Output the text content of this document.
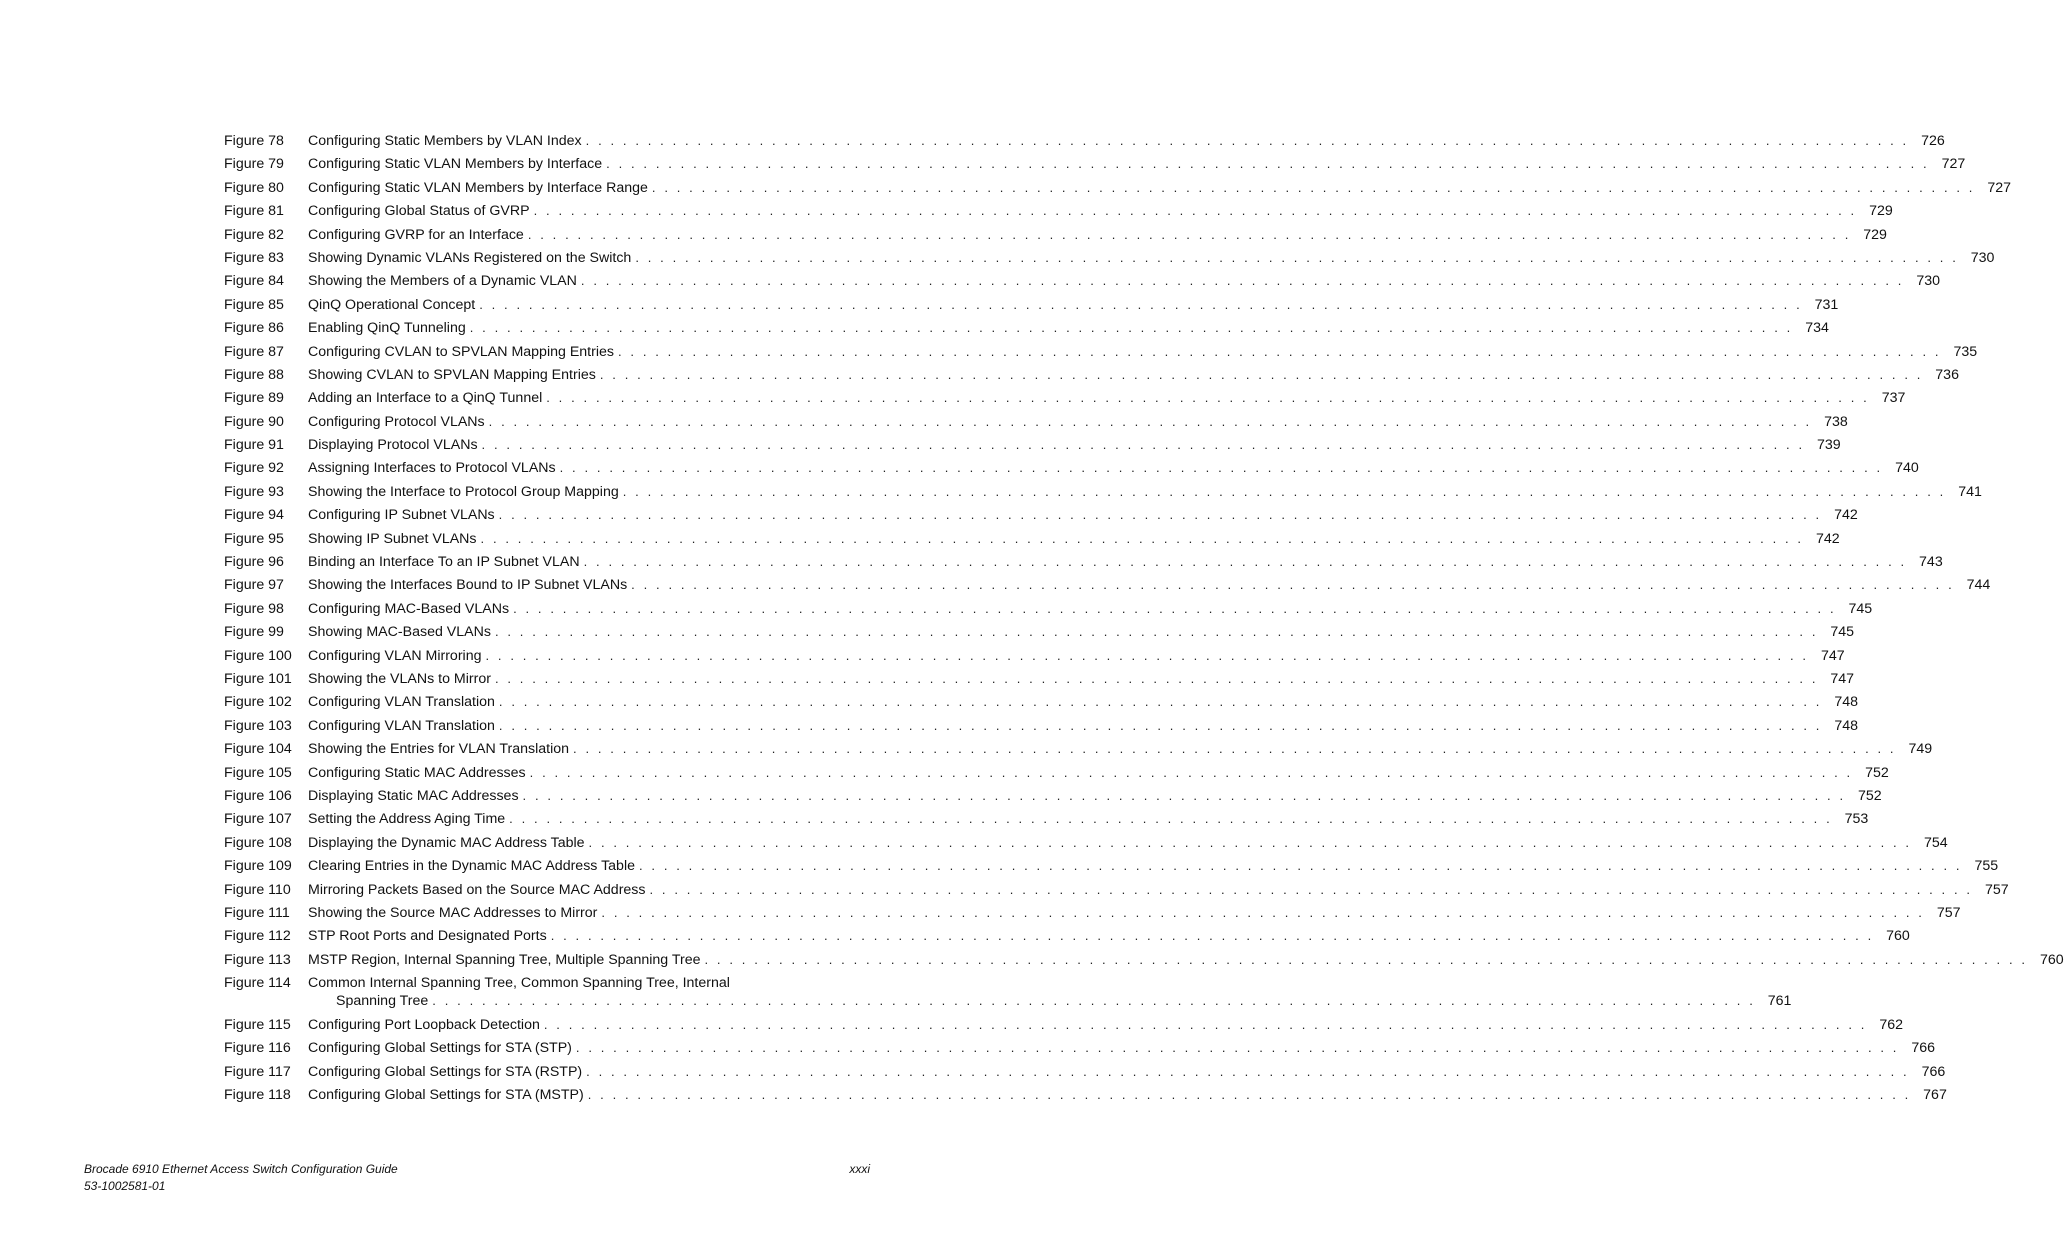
Figure 78	Configuring Static Members by VLAN Index . . .	726
Figure 79	Configuring Static VLAN Members by Interface . . .	727
Figure 80	Configuring Static VLAN Members by Interface Range . . .	727
Figure 81	Configuring Global Status of GVRP . . .	729
Figure 82	Configuring GVRP for an Interface . . .	729
Figure 83	Showing Dynamic VLANs Registered on the Switch . . .	730
Figure 84	Showing the Members of a Dynamic VLAN . . .	730
Figure 85	QinQ Operational Concept . . .	731
Figure 86	Enabling QinQ Tunneling . . .	734
Figure 87	Configuring CVLAN to SPVLAN Mapping Entries . . .	735
Figure 88	Showing CVLAN to SPVLAN Mapping Entries . . .	736
Figure 89	Adding an Interface to a QinQ Tunnel . . .	737
Figure 90	Configuring Protocol VLANs . . .	738
Figure 91	Displaying Protocol VLANs . . .	739
Figure 92	Assigning Interfaces to Protocol VLANs . . .	740
Figure 93	Showing the Interface to Protocol Group Mapping . . .	741
Figure 94	Configuring IP Subnet VLANs . . .	742
Figure 95	Showing IP Subnet VLANs . . .	742
Figure 96	Binding an Interface To an IP Subnet VLAN . . .	743
Figure 97	Showing the Interfaces Bound to IP Subnet VLANs . . .	744
Figure 98	Configuring MAC-Based VLANs . . .	745
Figure 99	Showing MAC-Based VLANs . . .	745
Figure 100	Configuring VLAN Mirroring . . .	747
Figure 101	Showing the VLANs to Mirror . . .	747
Figure 102	Configuring VLAN Translation . . .	748
Figure 103	Configuring VLAN Translation . . .	748
Figure 104	Showing the Entries for VLAN Translation . . .	749
Figure 105	Configuring Static MAC Addresses . . .	752
Figure 106	Displaying Static MAC Addresses . . .	752
Figure 107	Setting the Address Aging Time . . .	753
Figure 108	Displaying the Dynamic MAC Address Table . . .	754
Figure 109	Clearing Entries in the Dynamic MAC Address Table . . .	755
Figure 110	Mirroring Packets Based on the Source MAC Address . . .	757
Figure 111	Showing the Source MAC Addresses to Mirror . . .	757
Figure 112	STP Root Ports and Designated Ports . . .	760
Figure 113	MSTP Region, Internal Spanning Tree, Multiple Spanning Tree . . .	760
Figure 114	Common Internal Spanning Tree, Common Spanning Tree, Internal
Spanning Tree . . .	761
Figure 115	Configuring Port Loopback Detection . . .	762
Figure 116	Configuring Global Settings for STA (STP) . . .	766
Figure 117	Configuring Global Settings for STA (RSTP) . . .	766
Figure 118	Configuring Global Settings for STA (MSTP) . . .	767
Brocade 6910 Ethernet Access Switch Configuration Guide
53-1002581-01
xxxi
